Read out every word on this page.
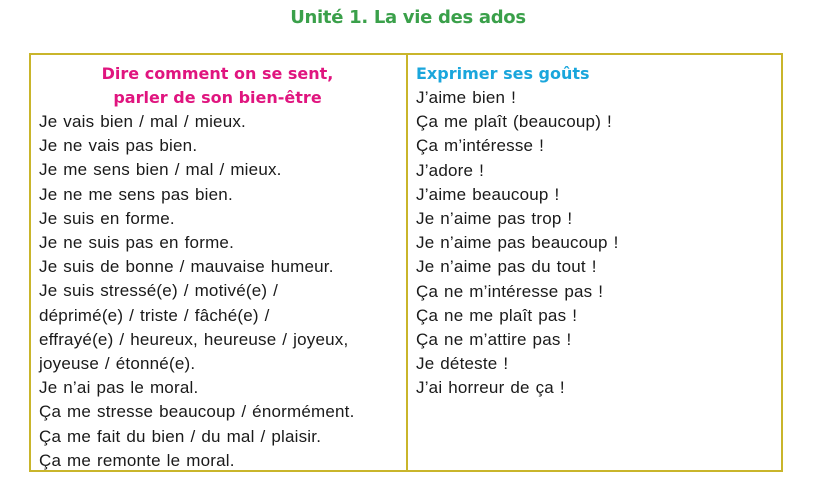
Unité 1. La vie des ados
Dire comment on se sent,
parler de son bien-être
Je vais bien / mal / mieux.
Je ne vais pas bien.
Je me sens bien / mal / mieux.
Je ne me sens pas bien.
Je suis en forme.
Je ne suis pas en forme.
Je suis de bonne / mauvaise humeur.
Je suis stressé(e) / motivé(e) /
déprimé(e) / triste / fâché(e) /
effrayé(e) / heureux, heureuse / joyeux,
joyeuse / étonné(e).
Je n’ai pas le moral.
Ça me stresse beaucoup / énormément.
Ça me fait du bien / du mal / plaisir.
Ça me remonte le moral.
Exprimer ses goûts
J’aime bien !
Ça me plaît (beaucoup) !
Ça m’intéresse !
J’adore !
J’aime beaucoup !
Je n’aime pas trop !
Je n’aime pas beaucoup !
Je n’aime pas du tout !
Ça ne m’intéresse pas !
Ça ne me plaît pas !
Ça ne m’attire pas !
Je déteste !
J’ai horreur de ça !
